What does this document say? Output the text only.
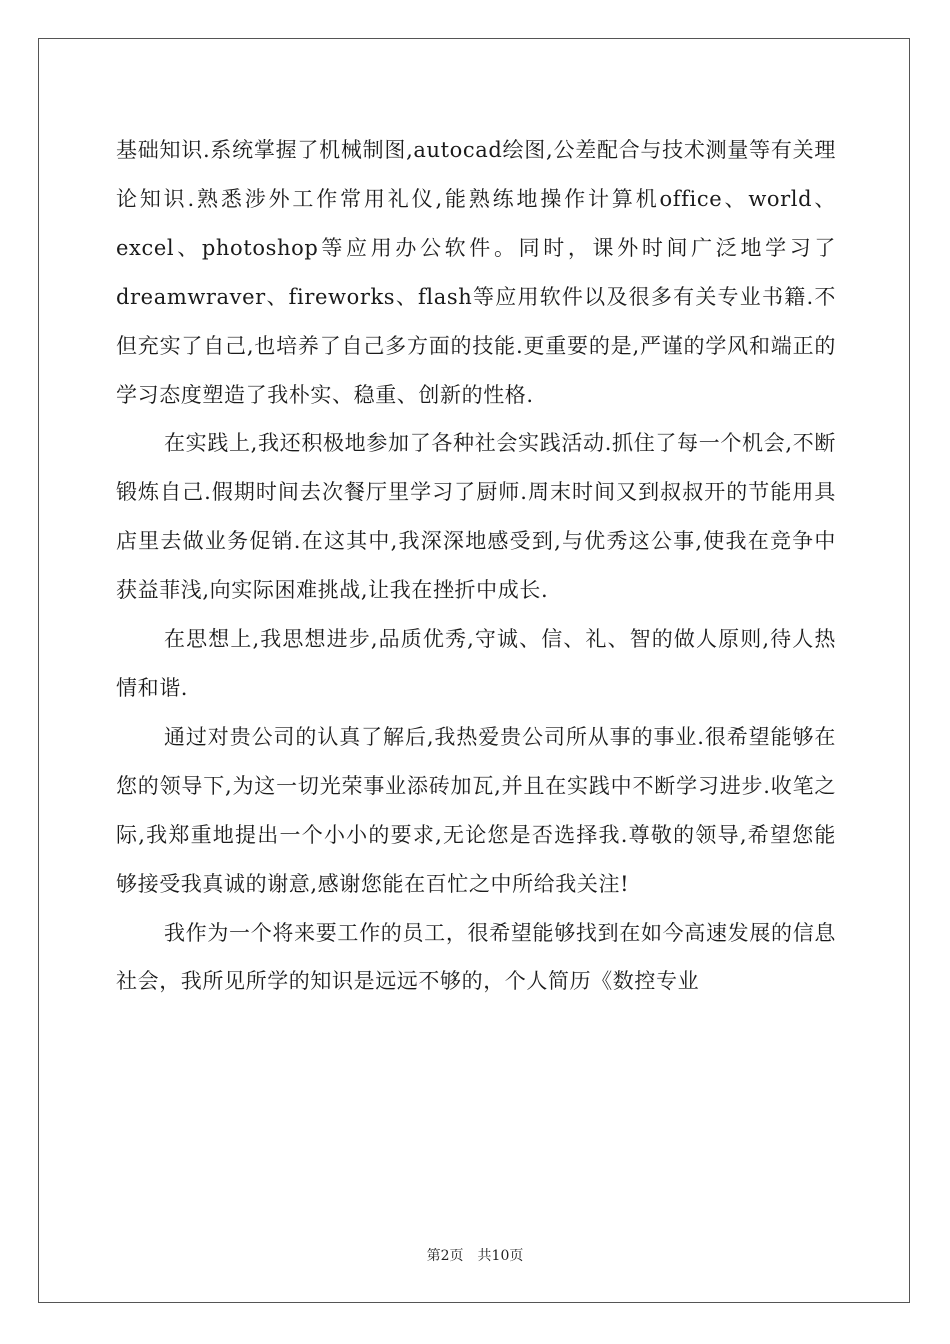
基础知识.系统掌握了机械制图,autocad绘图,公差配合与技术测量等有关理论知识.熟悉涉外工作常用礼仪,能熟练地操作计算机office、world、excel、photoshop等应用办公软件。同时，课外时间广泛地学习了dreamwraver、fireworks、flash等应用软件以及很多有关专业书籍.不但充实了自己,也培养了自己多方面的技能.更重要的是,严谨的学风和端正的学习态度塑造了我朴实、稳重、创新的性格.

在实践上,我还积极地参加了各种社会实践活动.抓住了每一个机会,不断锻炼自己.假期时间去次餐厅里学习了厨师.周末时间又到叔叔开的节能用具店里去做业务促销.在这其中,我深深地感受到,与优秀这公事,使我在竞争中获益菲浅,向实际困难挑战,让我在挫折中成长.

在思想上,我思想进步,品质优秀,守诚、信、礼、智的做人原则,待人热情和谐.

通过对贵公司的认真了解后,我热爱贵公司所从事的事业.很希望能够在您的领导下,为这一切光荣事业添砖加瓦,并且在实践中不断学习进步.收笔之际,我郑重地提出一个小小的要求,无论您是否选择我.尊敬的领导,希望您能够接受我真诚的谢意,感谢您能在百忙之中所给我关注!

我作为一个将来要工作的员工，很希望能够找到在如今高速发展的信息社会，我所见所学的知识是远远不够的，个人简历《数控专业

第2页 共10页
